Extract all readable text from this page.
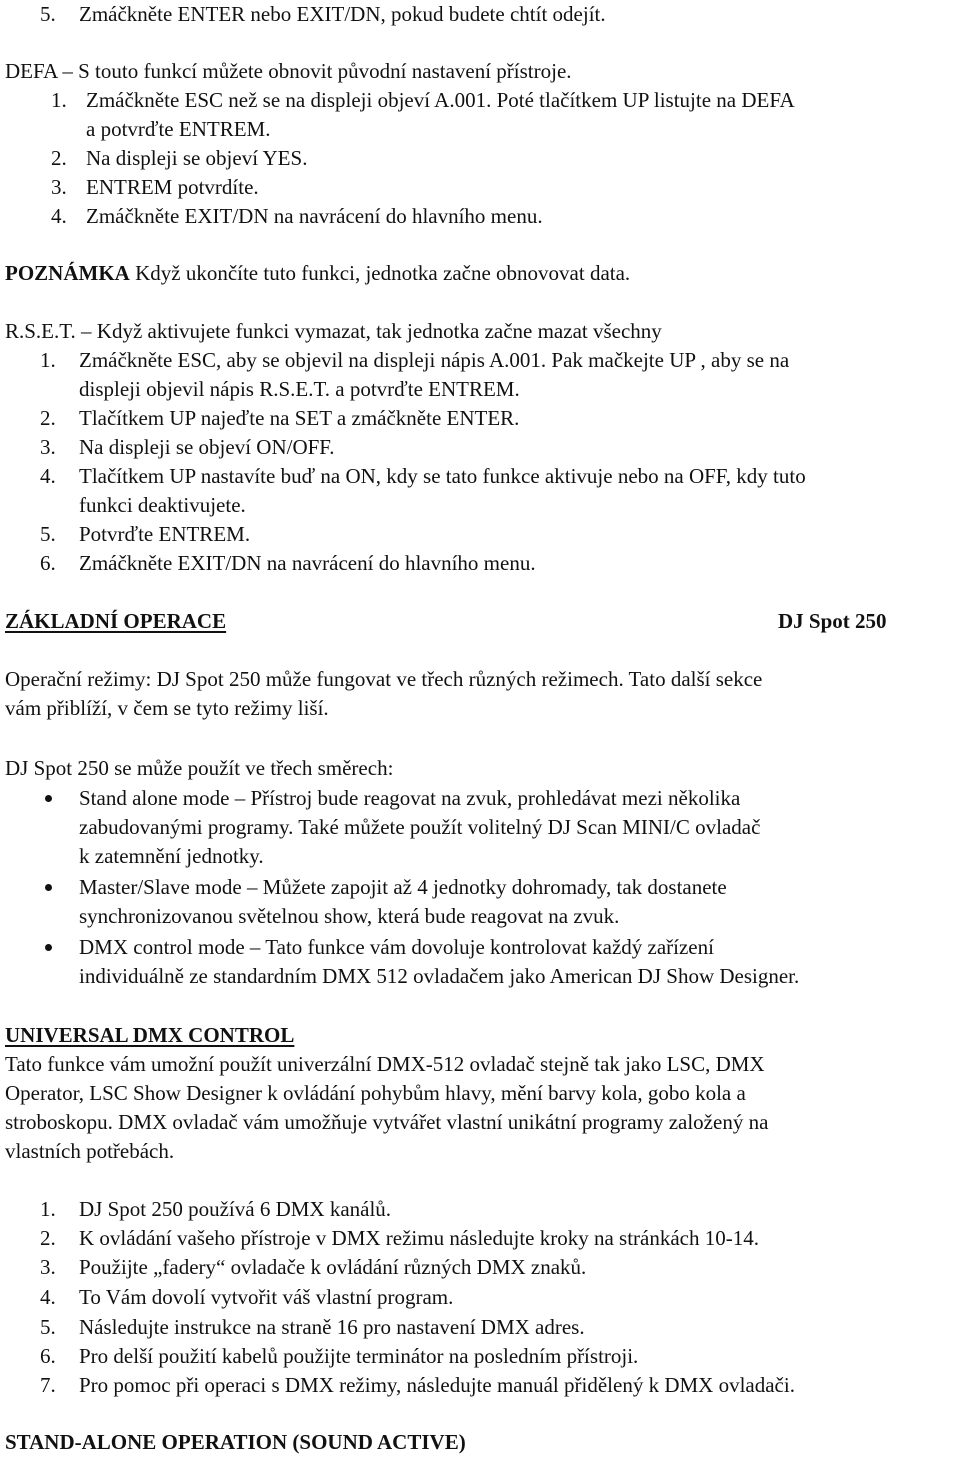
5. Zmáčkněte ENTER nebo EXIT/DN, pokud budete chtít odejít.
DEFA – S touto funkcí můžete obnovit původní nastavení přístroje.
1. Zmáčkněte ESC než se na displeji objeví A.001. Poté tlačítkem UP listujte na DEFA
a potvrďte ENTREM.
2. Na displeji se objeví YES.
3. ENTREM potvrdíte.
4. Zmáčkněte EXIT/DN na navrácení do hlavního menu.
POZNÁMKA Když ukončíte tuto funkci, jednotka začne obnovovat data.
R.S.E.T. – Když aktivujete funkci vymazat, tak jednotka začne mazat všechny
1. Zmáčkněte ESC, aby se objevil na displeji nápis A.001. Pak mačkejte UP , aby se na
displeji objevil nápis R.S.E.T. a potvrďte ENTREM.
2. Tlačítkem UP najeďte na SET a zmáčkněte ENTER.
3. Na displeji se objeví ON/OFF.
4. Tlačítkem UP nastavíte buď na ON, kdy se tato funkce aktivuje nebo na OFF, kdy tuto
funkci deaktivujete.
5. Potvrďte ENTREM.
6. Zmáčkněte EXIT/DN na navrácení do hlavního menu.
ZÁKLADNÍ OPERACE	DJ Spot 250
Operační režimy: DJ Spot 250 může fungovat ve třech různých režimech. Tato další sekce
vám přiblíží, v čem se tyto režimy liší.
DJ Spot 250 se může použít ve třech směrech:
Stand alone mode – Přístroj bude reagovat na zvuk, prohledávat mezi několika
zabudovanými programy. Také můžete použít volitelný DJ Scan MINI/C ovladač
k zatemnění jednotky.
Master/Slave mode – Můžete zapojit až 4 jednotky dohromady, tak dostanete
synchronizovanou světelnou show, která bude reagovat na zvuk.
DMX control mode – Tato funkce vám dovoluje kontrolovat každý zařízení
individuálně ze standardním DMX 512 ovladačem jako American DJ Show Designer.
UNIVERSAL DMX CONTROL
Tato funkce vám umožní použít univerzální DMX-512 ovladač stejně tak jako LSC, DMX
Operator, LSC Show Designer k ovládání pohybům hlavy, mění barvy kola, gobo kola a
stroboskopu. DMX ovladač vám umožňuje vytvářet vlastní unikátní programy založený na
vlastních potřebách.
1. DJ Spot 250 používá 6 DMX kanálů.
2. K ovládání vašeho přístroje v DMX režimu následujte kroky na stránkách 10-14.
3. Použijte „fadery“ ovladače k ovládání různých DMX znaků.
4. To Vám dovolí vytvořit váš vlastní program.
5. Následujte instrukce na straně 16 pro nastavení DMX adres.
6. Pro delší použití kabelů použijte terminátor na posledním přístroji.
7. Pro pomoc při operaci s DMX režimy, následujte manuál přidělený k DMX ovladači.
STAND-ALONE OPERATION (SOUND ACTIVE)
